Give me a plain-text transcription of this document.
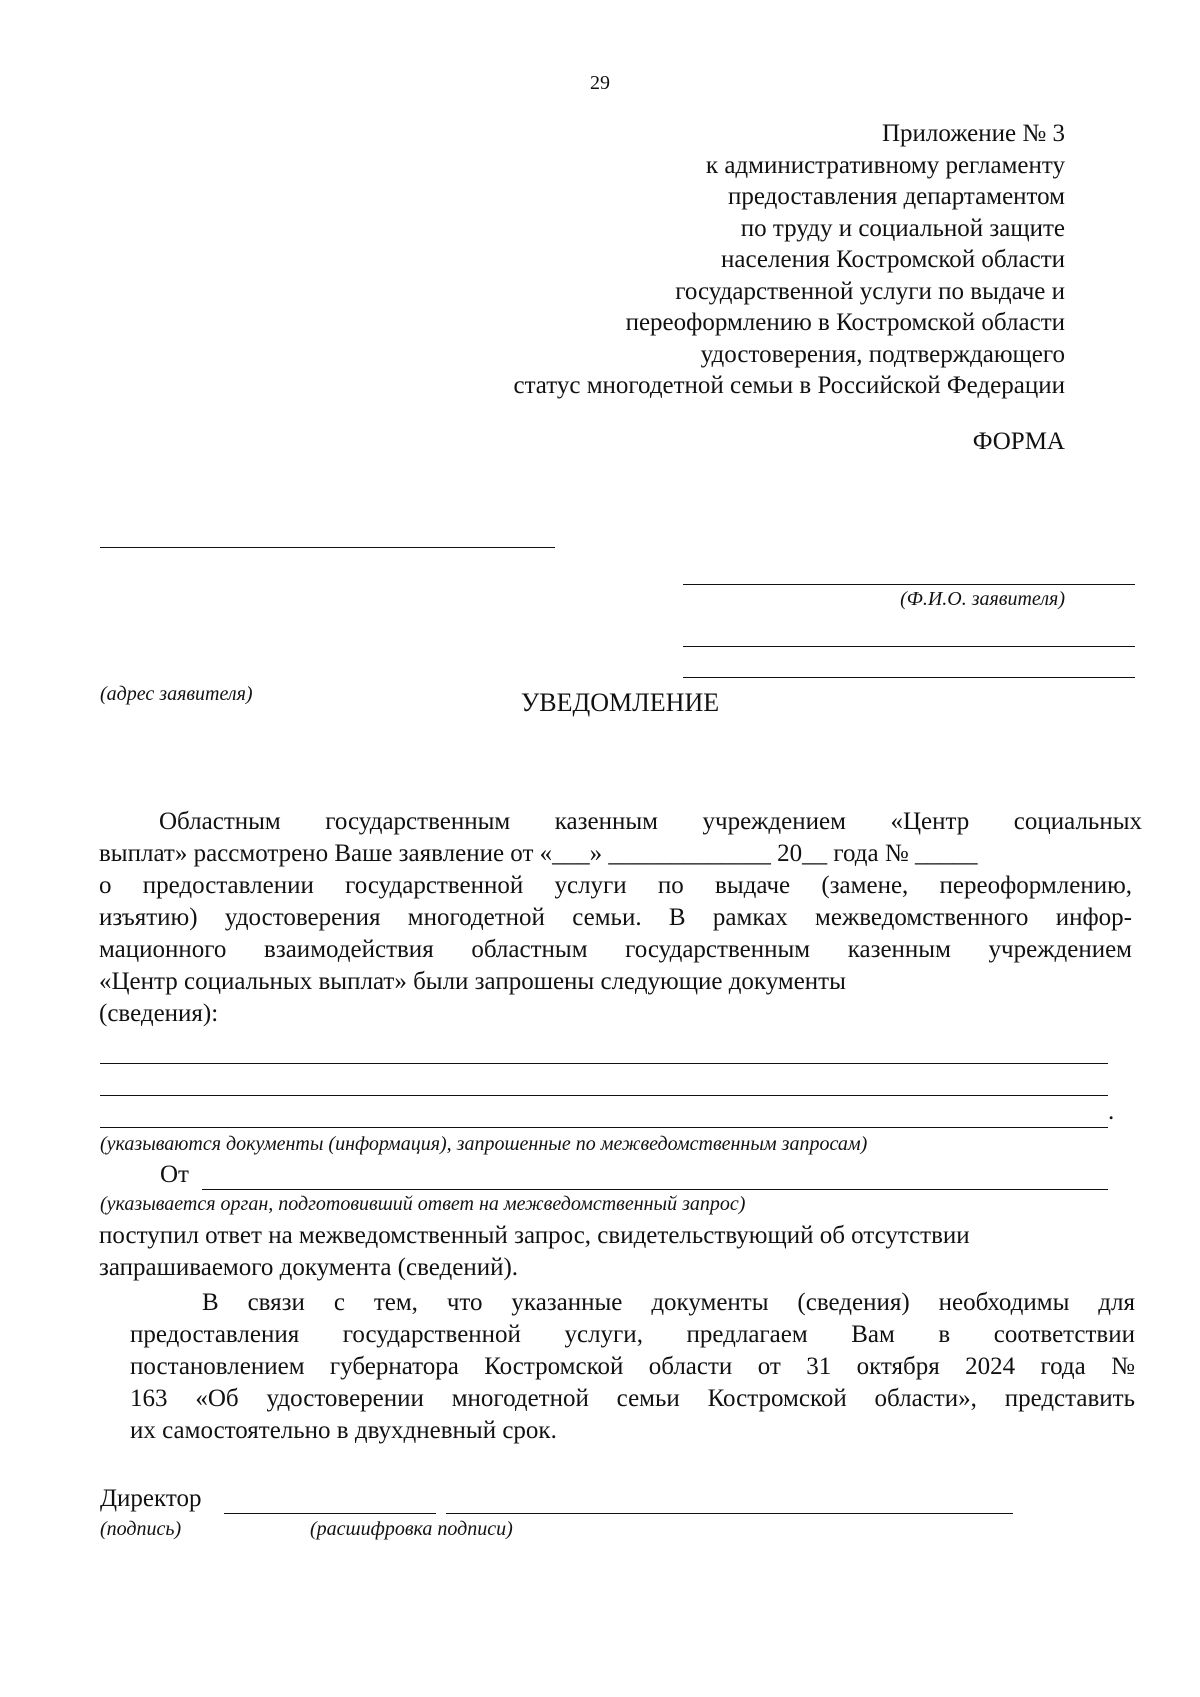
29
Приложение № 3
к административному регламенту
предоставления департаментом
по труду и социальной защите
населения Костромской области
государственной услуги по выдаче и
переоформлению в Костромской области
удостоверения, подтверждающего
статус многодетной семьи в Российской Федерации
ФОРМА
(Ф.И.О. заявителя)
(адрес заявителя)	УВЕДОМЛЕНИЕ
Областным государственным казенным учреждением «Центр социальных
выплат» рассмотрено Ваше заявление от «___» _____________ 20__ года № _____
о предоставлении государственной услуги по выдаче (замене, переоформлению,
изъятию) удостоверения многодетной семьи. В рамках межведомственного инфор-
мационного взаимодействия областным государственным казенным учреждением
«Центр социальных выплат» были запрошены следующие документы
(сведения):
.
(указываются документы (информация), запрошенные по межведомственным запросам)
От
(указывается орган, подготовивший ответ на межведомственный запрос)
поступил ответ на межведомственный запрос, свидетельствующий об отсутствии
запрашиваемого документа (сведений).
В связи с тем, что указанные документы (сведения) необходимы для
предоставления государственной услуги, предлагаем Вам в соответствии
постановлением губернатора Костромской области от 31 октября 2024 года №
163 «Об удостоверении многодетной семьи Костромской области», представить
их самостоятельно в двухдневный срок.
Директор
(подпись)	(расшифровка подписи)
